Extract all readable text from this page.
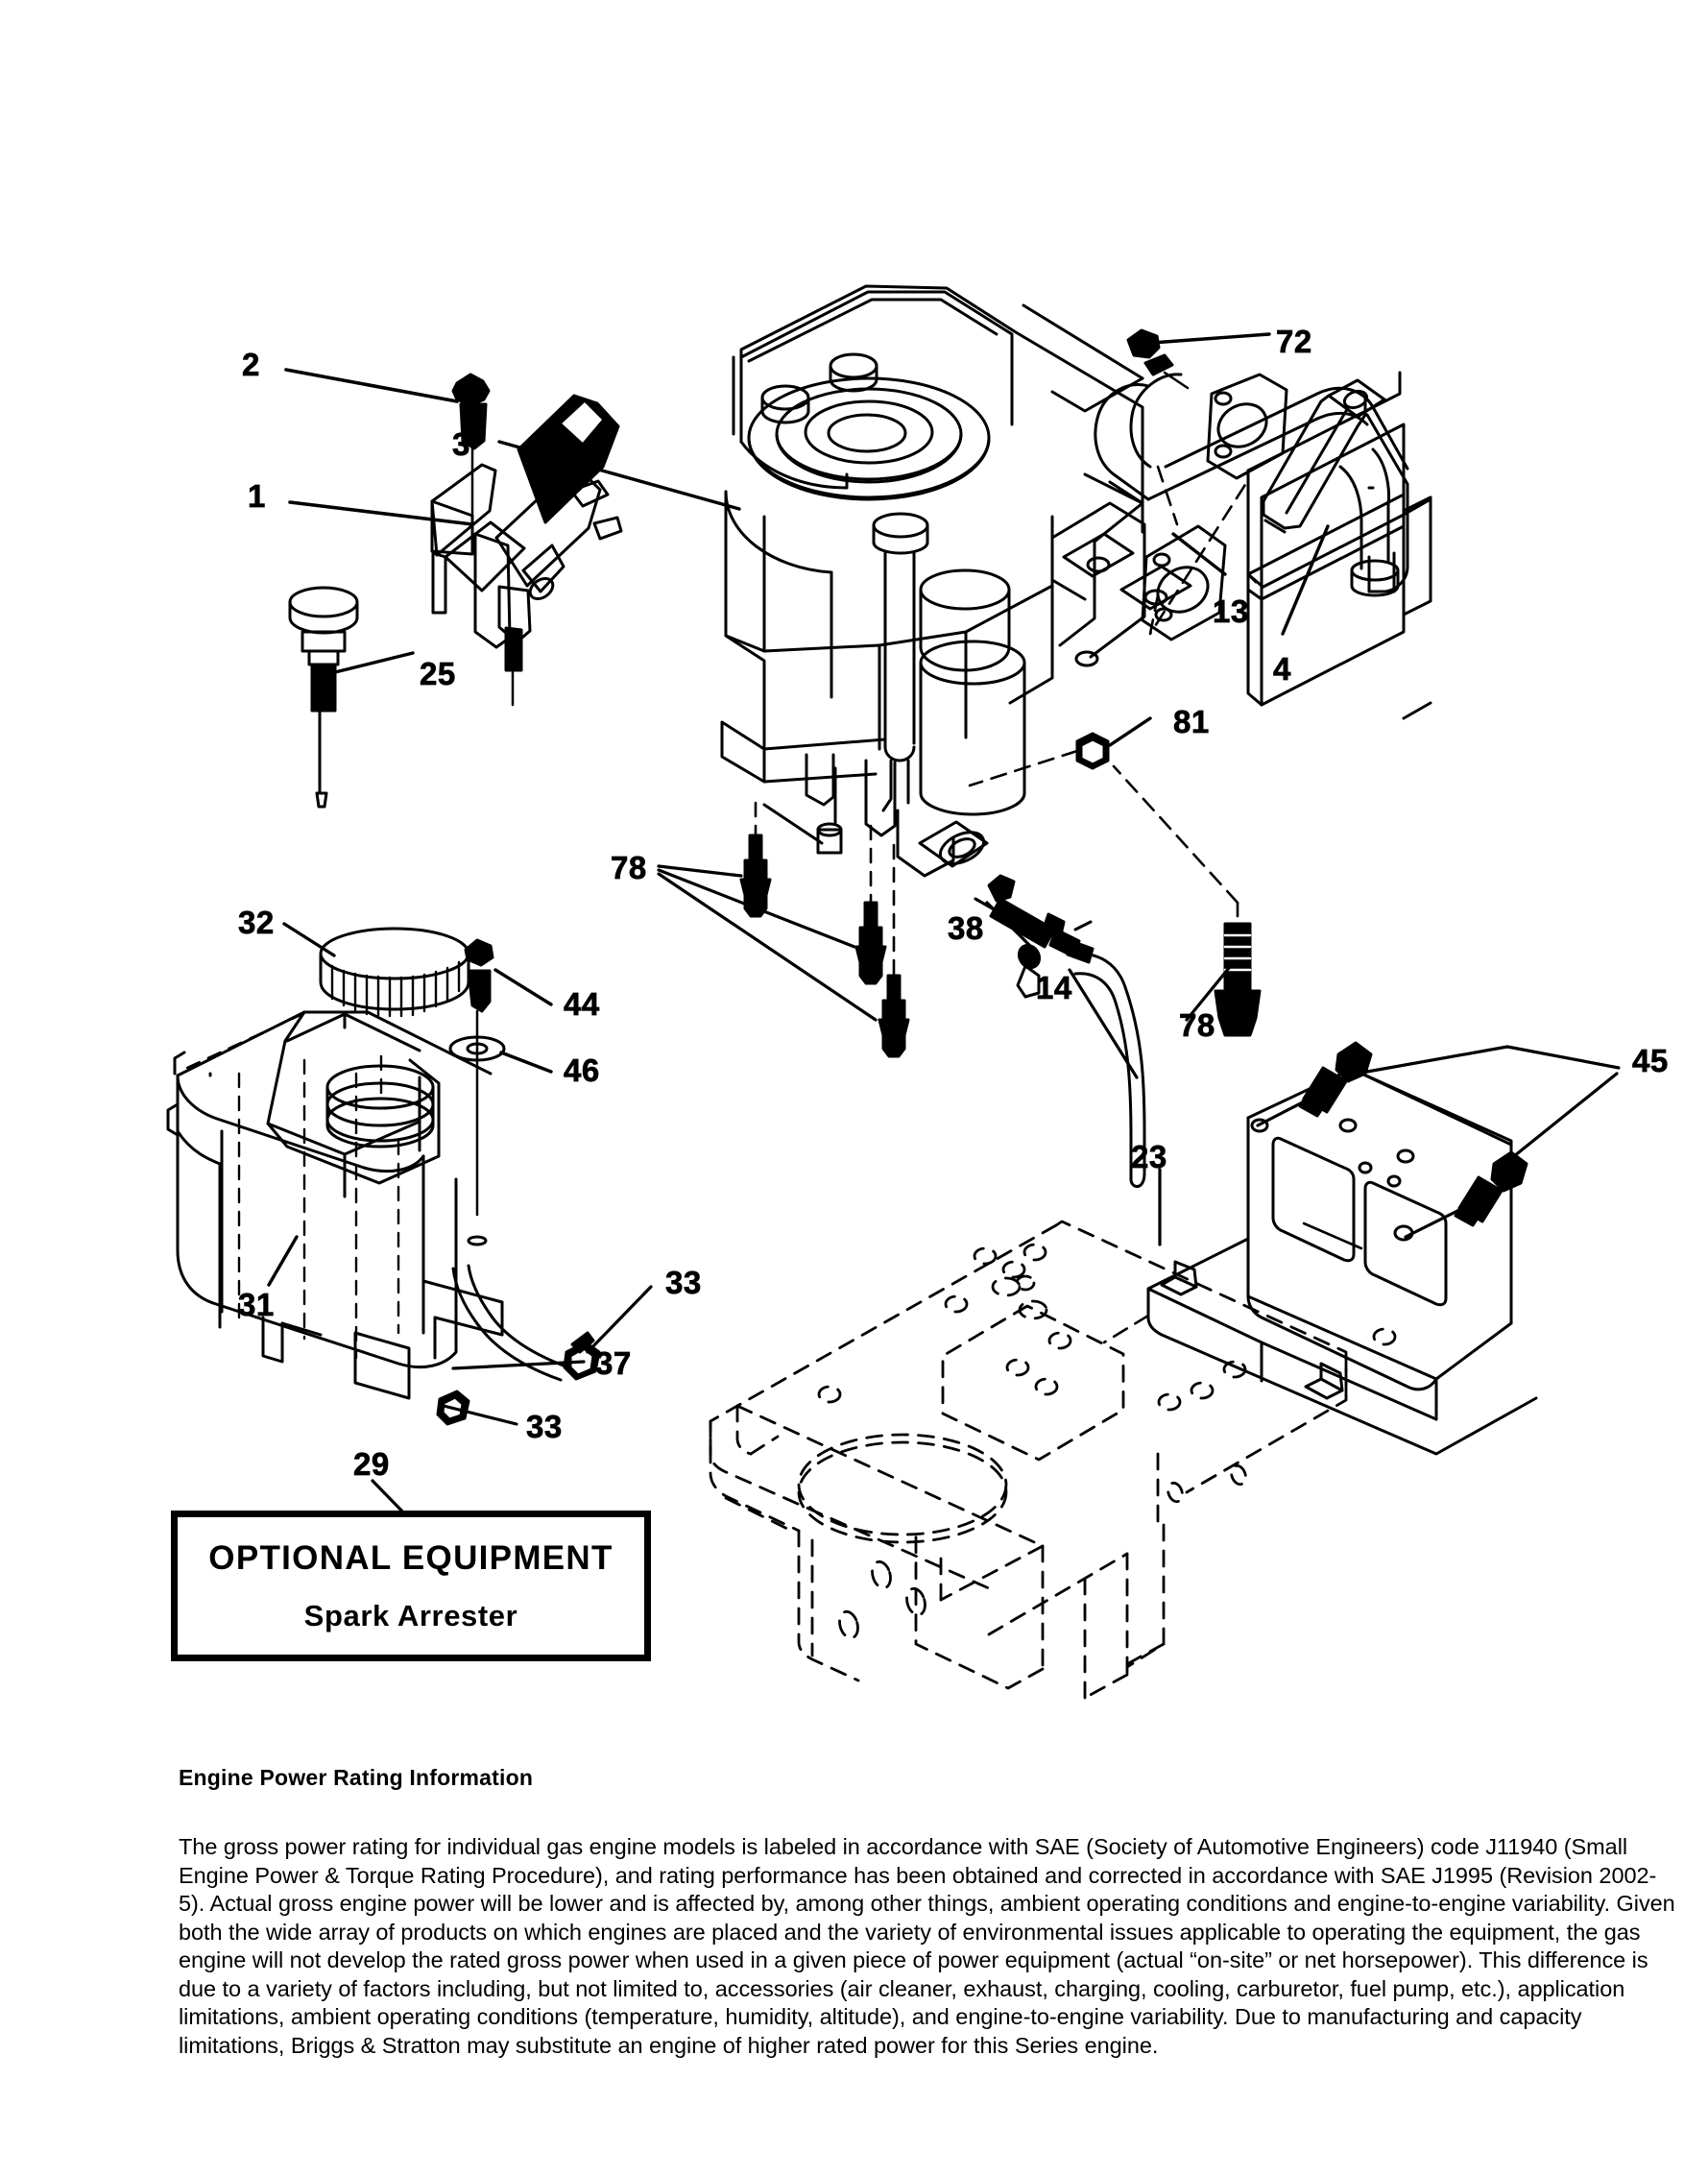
2
1
25
3
72
13
4
81
78
38
14
78
32
44
46
31
33
37
33
45
23
29
OPTIONAL EQUIPMENT
Spark Arrester
Engine Power Rating Information

The gross power rating for individual gas engine models is labeled in accordance with SAE (Society of Automotive Engineers) code J11940 (Small Engine Power & Torque Rating Procedure), and rating performance has been obtained and corrected in accordance with SAE J1995 (Revision 2002-5). Actual gross engine power will be lower and is affected by, among other things, ambient operating conditions and engine-to-engine variability. Given both the wide array of products on which engines are placed and the variety of environmental issues applicable to operating the equipment, the gas engine will not develop the rated gross power when used in a given piece of power equipment (actual “on-site” or net horsepower). This difference is due to a variety of factors including, but not limited to, accessories (air cleaner, exhaust, charging, cooling, carburetor, fuel pump, etc.), application limitations, ambient operating conditions (temperature, humidity, altitude), and engine-to-engine variability. Due to manufacturing and capacity limitations, Briggs & Stratton may substitute an engine of higher rated power for this Series engine.
